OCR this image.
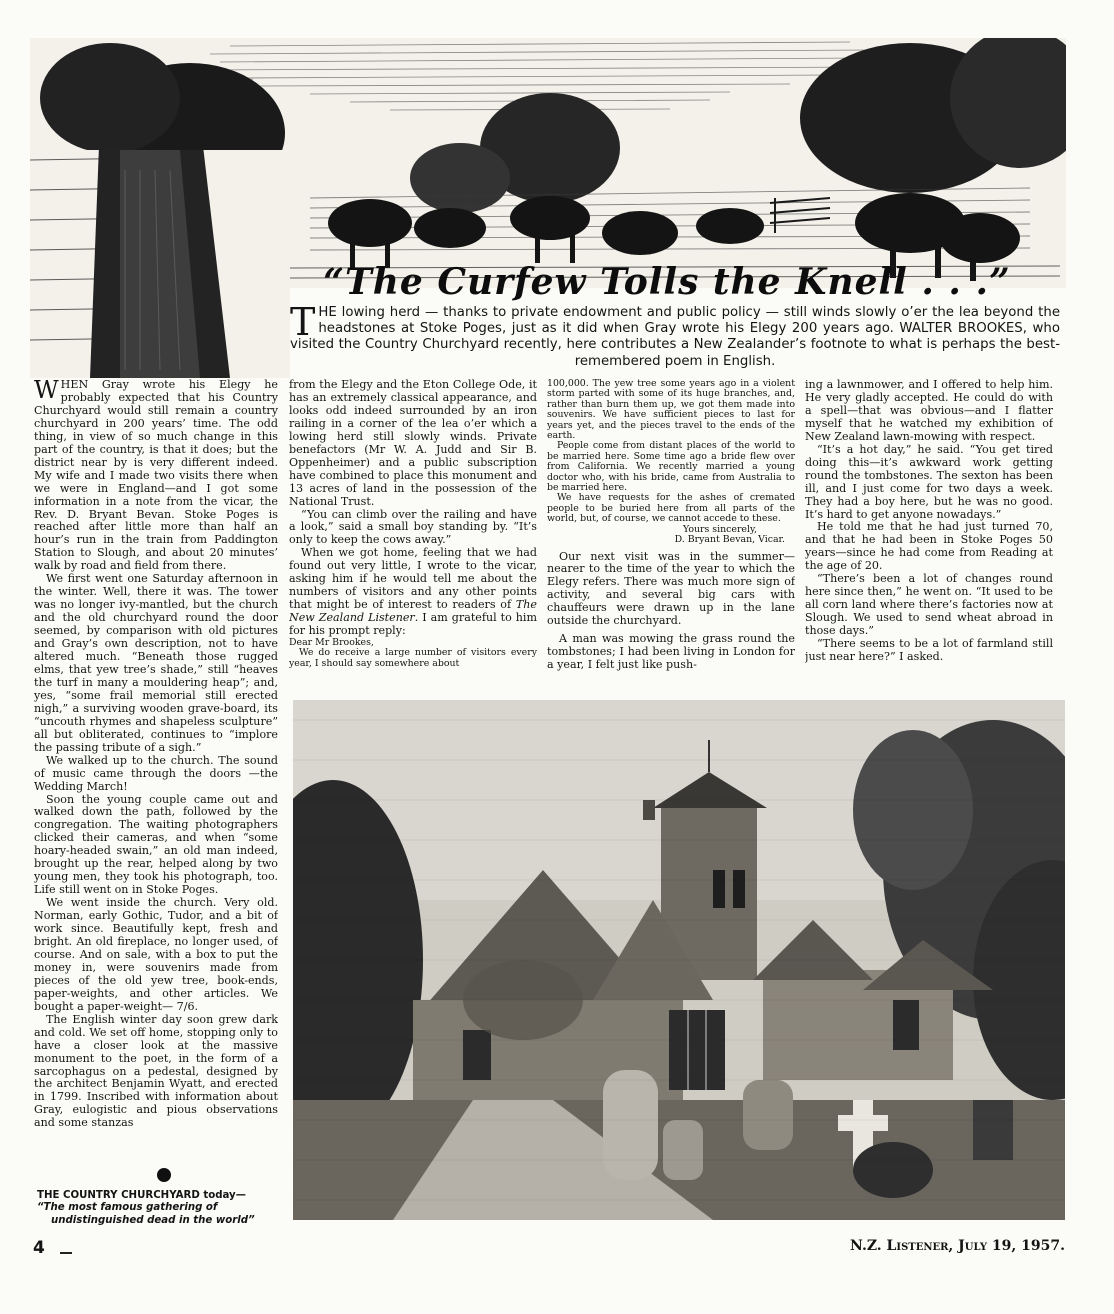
“The Curfew Tolls the Knell . . .”
THE lowing herd — thanks to private endowment and public policy — still winds slowly o’er the lea beyond the headstones at Stoke Poges, just as it did when Gray wrote his Elegy 200 years ago. WALTER BROOKES, who visited the Country Churchyard recently, here contributes a New Zealander’s footnote to what is perhaps the best-remembered poem in English.

WHEN Gray wrote his Elegy he probably expected that his Country Churchyard would still remain a country churchyard in 200 years’ time. The odd thing, in view of so much change in this part of the country, is that it does; but the district near by is very different indeed. My wife and I made two visits there when we were in England—and I got some information in a note from the vicar, the Rev. D. Bryant Bevan. Stoke Poges is reached after little more than half an hour’s run in the train from Paddington Station to Slough, and about 20 minutes’ walk by road and field from there.

We first went one Saturday afternoon in the winter. Well, there it was. The tower was no longer ivy-mantled, but the church and the old churchyard round the door seemed, by comparison with old pictures and Gray’s own description, not to have altered much. “Beneath those rugged elms, that yew tree’s shade,” still “heaves the turf in many a mouldering heap”; and, yes, “some frail memorial still erected nigh,” a surviving wooden grave-board, its “uncouth rhymes and shapeless sculpture” all but obliterated, continues to “implore the passing tribute of a sigh.”

We walked up to the church. The sound of music came through the doors —the Wedding March!

Soon the young couple came out and walked down the path, followed by the congregation. The waiting photographers clicked their cameras, and when “some hoary-headed swain,” an old man indeed, brought up the rear, helped along by two young men, they took his photograph, too. Life still went on in Stoke Poges.

We went inside the church. Very old. Norman, early Gothic, Tudor, and a bit of work since. Beautifully kept, fresh and bright. An old fireplace, no longer used, of course. And on sale, with a box to put the money in, were souvenirs made from pieces of the old yew tree, book-ends, paper-weights, and other articles. We bought a paper-weight— 7/6.

The English winter day soon grew dark and cold. We set off home, stopping only to have a closer look at the massive monument to the poet, in the form of a sarcophagus on a pedestal, designed by the architect Benjamin Wyatt, and erected in 1799. Inscribed with information about Gray, eulogistic and pious observations and some stanzas

from the Elegy and the Eton College Ode, it has an extremely classical appearance, and looks odd indeed surrounded by an iron railing in a corner of the lea o’er which a lowing herd still slowly winds. Private benefactors (Mr W. A. Judd and Sir B. Oppenheimer) and a public subscription have combined to place this monument and 13 acres of land in the possession of the National Trust.

“You can climb over the railing and have a look,” said a small boy standing by. “It’s only to keep the cows away.”

When we got home, feeling that we had found out very little, I wrote to the vicar, asking him if he would tell me about the numbers of visitors and any other points that might be of interest to readers of The New Zealand Listener. I am grateful to him for his prompt reply:

Dear Mr Brookes,

We do receive a large number of visitors every year, I should say somewhere about

100,000. The yew tree some years ago in a violent storm parted with some of its huge branches, and, rather than burn them up, we got them made into souvenirs. We have sufficient pieces to last for years yet, and the pieces travel to the ends of the earth.

People come from distant places of the world to be married here. Some time ago a bride flew over from California. We recently married a young doctor who, with his bride, came from Australia to be married here.

We have requests for the ashes of cremated people to be buried here from all parts of the world, but, of course, we cannot accede to these.

Yours sincerely,

D. Bryant Bevan, Vicar.

Our next visit was in the summer— nearer to the time of the year to which the Elegy refers. There was much more sign of activity, and several big cars with chauffeurs were drawn up in the lane outside the churchyard.

A man was mowing the grass round the tombstones; I had been living in London for a year, I felt just like push-

ing a lawnmower, and I offered to help him. He very gladly accepted. He could do with a spell—that was obvious—and I flatter myself that he watched my exhibition of New Zealand lawn-mowing with respect.

“It’s a hot day,” he said. “You get tired doing this—it’s awkward work getting round the tombstones. The sexton has been ill, and I just come for two days a week. They had a boy here, but he was no good. It’s hard to get anyone nowadays.”

He told me that he had just turned 70, and that he had been in Stoke Poges 50 years—since he had come from Reading at the age of 20.

“There’s been a lot of changes round here since then,” he went on. “It used to be all corn land where there’s factories now at Slough. We used to send wheat abroad in those days.”

“There seems to be a lot of farmland still just near here?” I asked.

THE COUNTRY CHURCHYARD today—
“The most famous gathering of undistinguished dead in the world”
4	N.Z. Listener, July 19, 1957.
